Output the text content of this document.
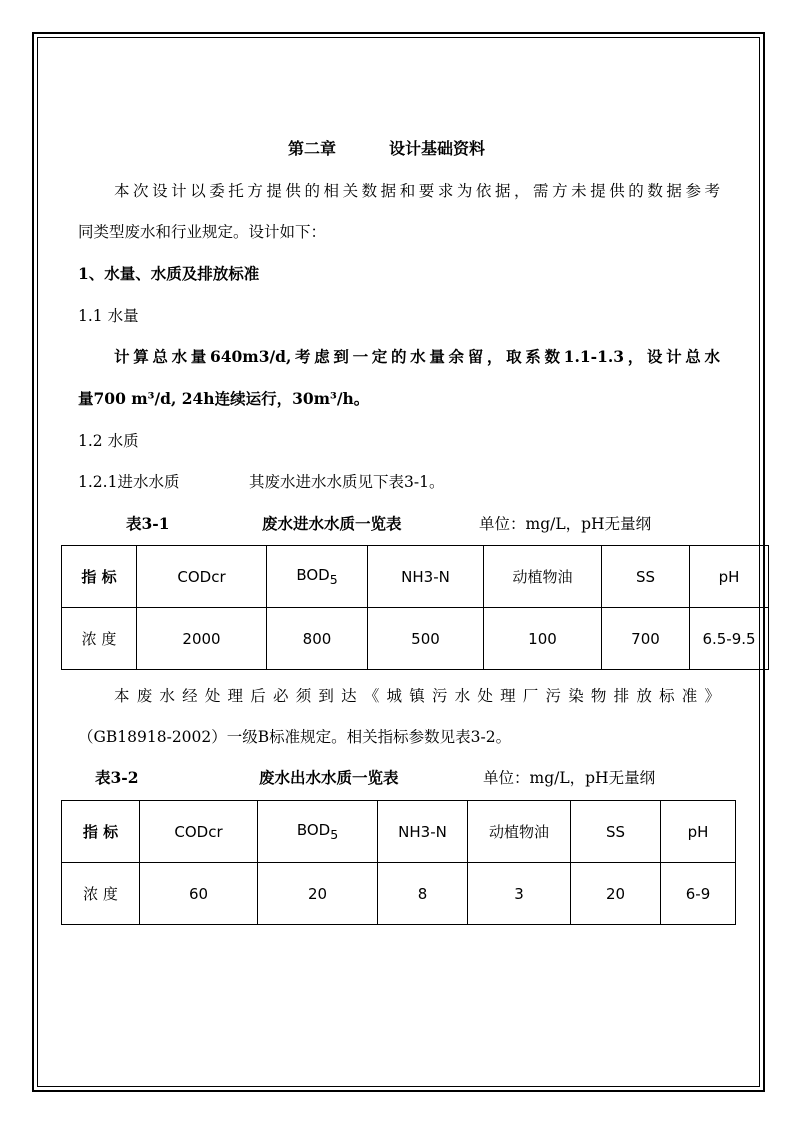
第二章	设计基础资料
本次设计以委托方提供的相关数据和要求为依据，需方未提供的数据参考
同类型废水和行业规定。设计如下：
1、水量、水质及排放标准
1.1 水量
计算总水量640m3/d,考虑到一定的水量余留，取系数1.1-1.3，设计总水
量700 m³/d, 24h连续运行，30m³/h。
1.2 水质
1.2.1进水水质	其废水进水水质见下表3-1。
表3-1	废水进水水质一览表	单位：mg/L，pH无量纲
指 标	CODcr	$BOD_5$	NH3-N	动植物油	SS	pH
浓 度	2000	800	500	100	700	6.5-9.5
本废水经处理后必须到达《城镇污水处理厂污染物排放标准》
（GB18918-2002）一级B标准规定。相关指标参数见表3-2。
表3-2	废水出水水质一览表	单位：mg/L，pH无量纲
指 标	CODcr	$BOD_5$	NH3-N	动植物油	SS	pH
浓 度	60	20	8	3	20	6-9
